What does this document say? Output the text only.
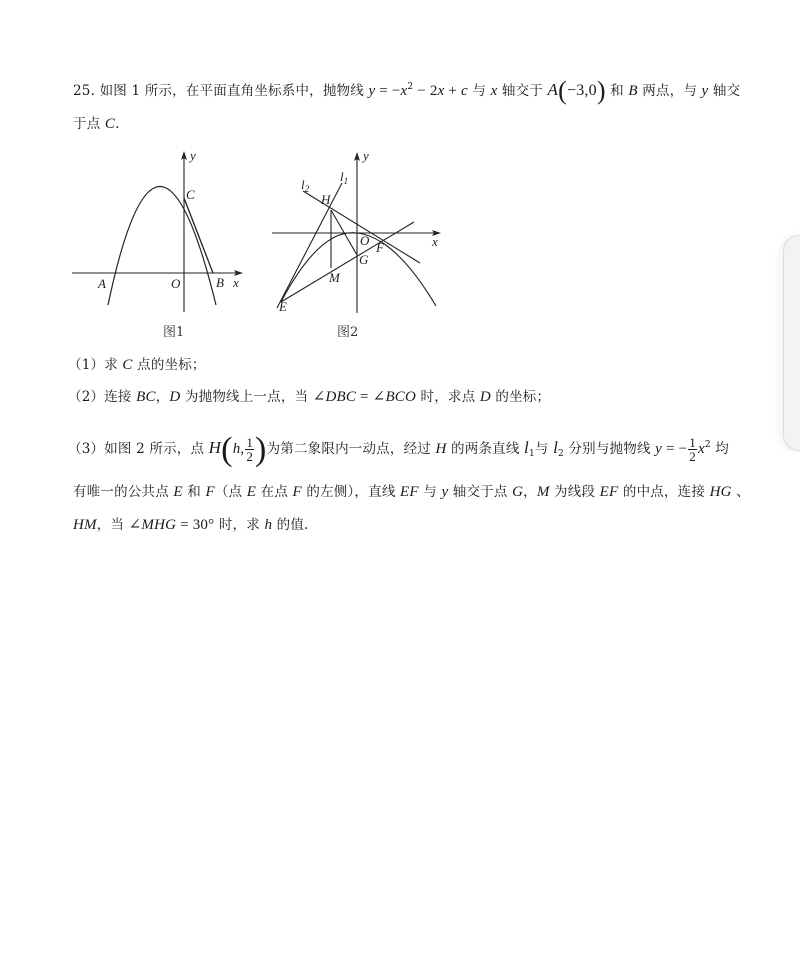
25. 如图 1 所示，在平面直角坐标系中，抛物线 $y = -x^2 - 2x + c$ 与 x 轴交于 A(−3,0) 和 B 两点，与 y 轴交
于点 C.
A	O	B
C
x
y
图1
$l_2$
$l_1$
H
O F
G
M
E
x
y
图2
（1）求 C 点的坐标；
（2）连接 BC，D 为抛物线上一点，当 ∠DBC = ∠BCO 时，求点 D 的坐标；
（3）如图 2 所示，点 H(h, $\frac{1}{2}$ )为第二象限内一动点，经过 H 的两条直线 $l_1$与 $l_2$ 分别与抛物线 y = − $\frac{1}{2} x^2$ 均
有唯一的公共点 E 和 F（点 E 在点 F 的左侧），直线 EF 与 y 轴交于点 G，M 为线段 EF 的中点，连接 HG 、
HM，当 ∠MHG = 30° 时，求 h 的值.
